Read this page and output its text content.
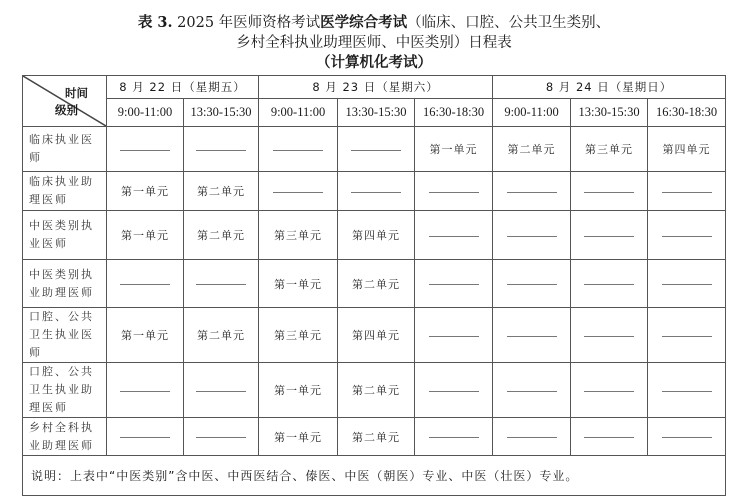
表 3. 2025 年医师资格考试医学综合考试（临床、口腔、公共卫生类别、
乡村全科执业助理医师、中医类别）日程表
（计算机化考试）
时间
级别	8 月 22 日（星期五）		8 月 23 日（星期六）			8 月 24 日（星期日）		
	9:00-11:00	13:30-15:30	9:00-11:00	13:30-15:30	16:30-18:30	9:00-11:00	13:30-15:30	16:30-18:30
临床执业医师					第一单元	第二单元	第三单元	第四单元
临床执业助理医师	第一单元	第二单元						
中医类别执业医师	第一单元	第二单元	第三单元	第四单元				
中医类别执业助理医师			第一单元	第二单元				
口腔、公共卫生执业医师	第一单元	第二单元	第三单元	第四单元				
口腔、公共卫生执业助理医师			第一单元	第二单元				
乡村全科执业助理医师			第一单元	第二单元				
说明：上表中“中医类别”含中医、中西医结合、傣医、中医（朝医）专业、中医（壮医）专业。								
